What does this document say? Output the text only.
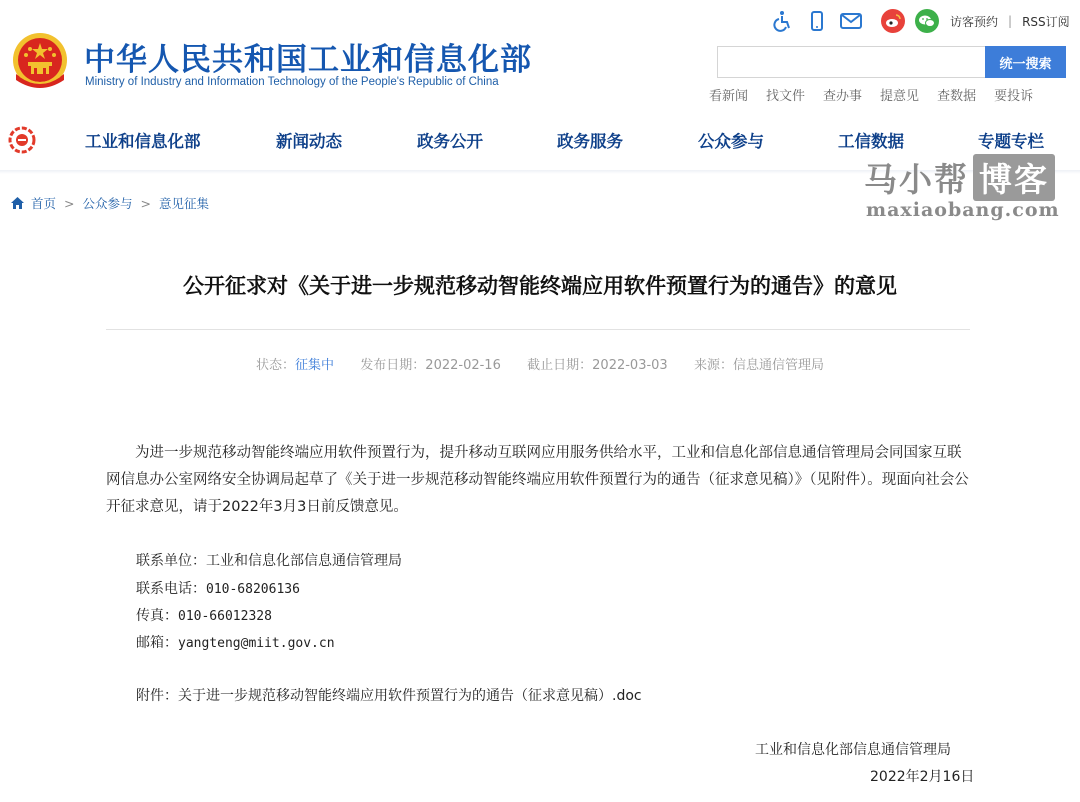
中华人民共和国工业和信息化部
Ministry of Industry and Information Technology of the People's Republic of China
访客预约 | RSS订阅
统一搜索
看新闻 找文件 查办事 提意见 查数据 要投诉
工业和信息化部	新闻动态	政务公开	政务服务	公众参与	工信数据	专题专栏
马小帮 博客
maxiaobang.com
首页 > 公众参与 > 意见征集
公开征求对《关于进一步规范移动智能终端应用软件预置行为的通告》的意见
状态：征集中 发布日期：2022-02-16 截止日期：2022-03-03 来源：信息通信管理局
为进一步规范移动智能终端应用软件预置行为，提升移动互联网应用服务供给水平，工业和信息化部信息通信管理局会同国家互联网信息办公室网络安全协调局起草了《关于进一步规范移动智能终端应用软件预置行为的通告（征求意见稿）》（见附件）。现面向社会公开征求意见，请于2022年3月3日前反馈意见。
联系单位：工业和信息化部信息通信管理局
联系电话：010-68206136
传真：010-66012328
邮箱：yangteng@miit.gov.cn
附件：关于进一步规范移动智能终端应用软件预置行为的通告（征求意见稿）.doc
工业和信息化部信息通信管理局
2022年2月16日
